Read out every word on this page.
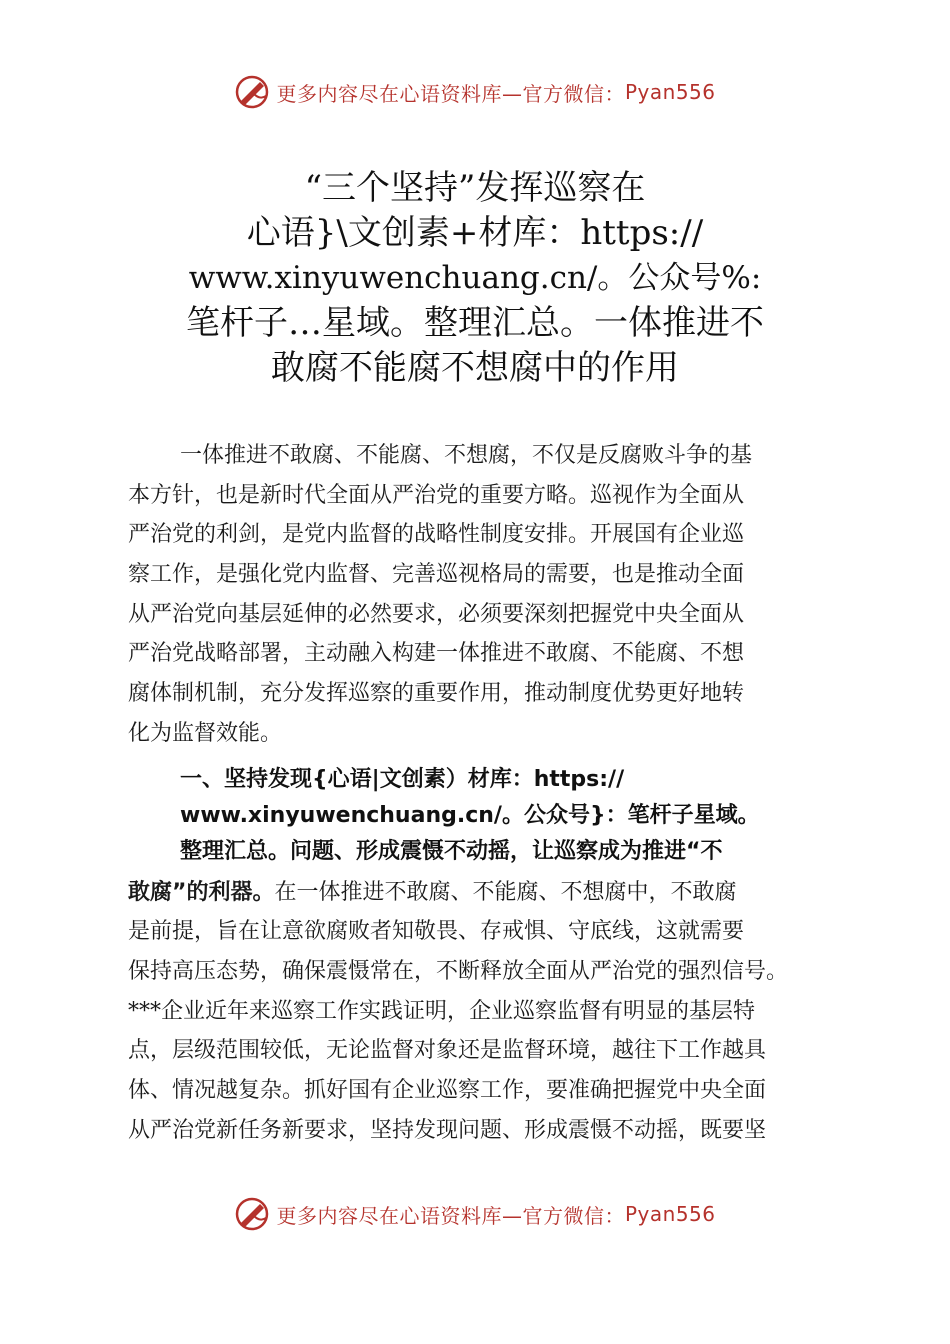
更多内容尽在心语资料库—官方微信： Pyan556
“三个坚持”发挥巡察在
心语}\文创素+材库：https://
www.xinyuwenchuang.cn/。公众号%:
笔杆子…星域。整理汇总。一体推进不
敢腐不能腐不想腐中的作用
一体推进不敢腐、不能腐、不想腐，不仅是反腐败斗争的基
本方针，也是新时代全面从严治党的重要方略。巡视作为全面从
严治党的利剑，是党内监督的战略性制度安排。开展国有企业巡
察工作，是强化党内监督、完善巡视格局的需要，也是推动全面
从严治党向基层延伸的必然要求，必须要深刻把握党中央全面从
严治党战略部署，主动融入构建一体推进不敢腐、不能腐、不想
腐体制机制，充分发挥巡察的重要作用，推动制度优势更好地转
化为监督效能。
一、坚持发现{心语|文创素）材库：https://
www.xinyuwenchuang.cn/。公众号}：笔杆子星域。
整理汇总。问题、形成震慑不动摇，让巡察成为推进“不
敢腐”的利器。在一体推进不敢腐、不能腐、不想腐中，不敢腐
是前提，旨在让意欲腐败者知敬畏、存戒惧、守底线，这就需要
保持高压态势，确保震慑常在，不断释放全面从严治党的强烈信号。
***企业近年来巡察工作实践证明，企业巡察监督有明显的基层特
点，层级范围较低，无论监督对象还是监督环境，越往下工作越具
体、情况越复杂。抓好国有企业巡察工作，要准确把握党中央全面
从严治党新任务新要求，坚持发现问题、形成震慑不动摇，既要坚
更多内容尽在心语资料库—官方微信： Pyan556
